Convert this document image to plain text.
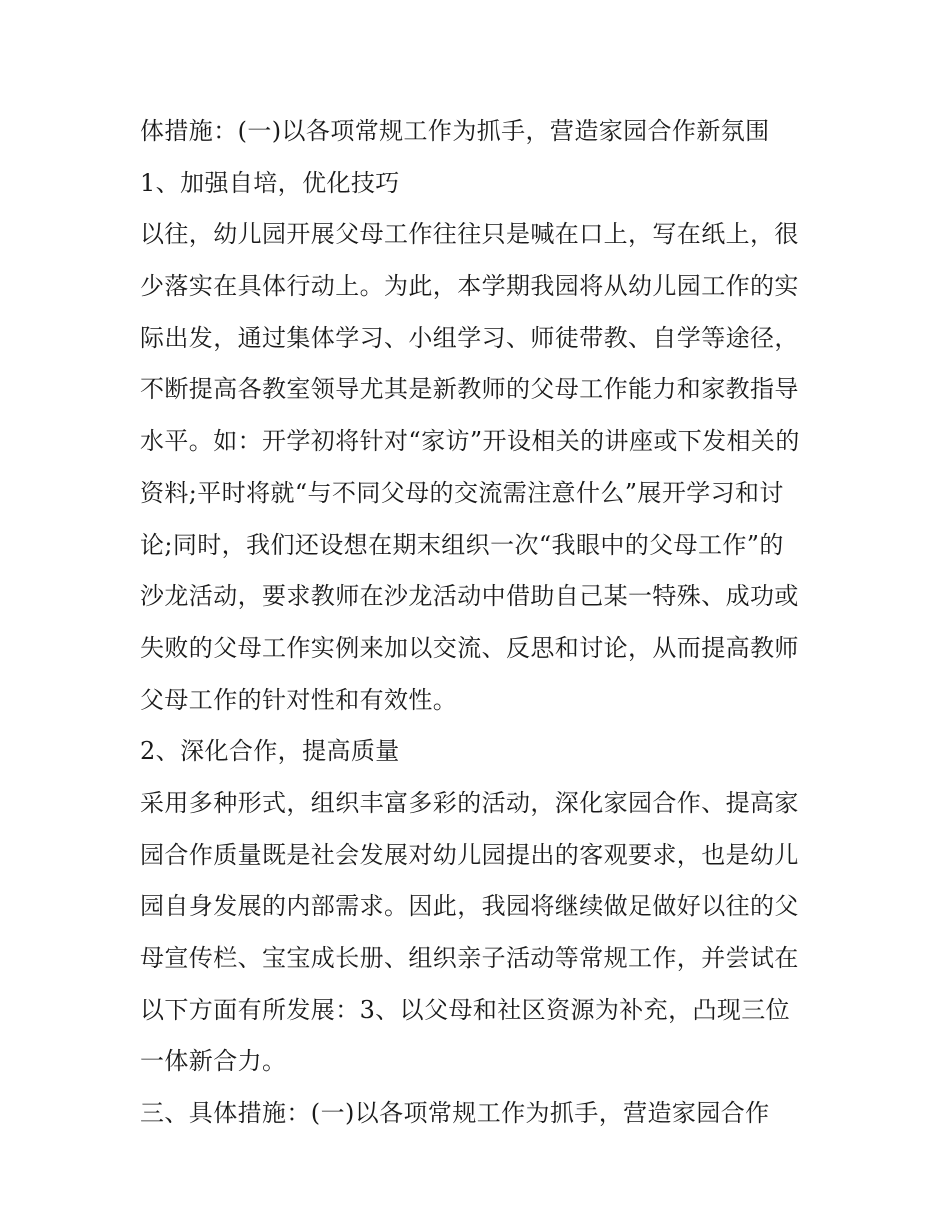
体措施：(一)以各项常规工作为抓手，营造家园合作新氛围
1、加强自培，优化技巧
以往，幼儿园开展父母工作往往只是喊在口上，写在纸上，很
少落实在具体行动上。为此，本学期我园将从幼儿园工作的实
际出发，通过集体学习、小组学习、师徒带教、自学等途径，
不断提高各教室领导尤其是新教师的父母工作能力和家教指导
水平。如：开学初将针对“家访”开设相关的讲座或下发相关的
资料;平时将就“与不同父母的交流需注意什么”展开学习和讨
论;同时，我们还设想在期末组织一次“我眼中的父母工作”的
沙龙活动，要求教师在沙龙活动中借助自己某一特殊、成功或
失败的父母工作实例来加以交流、反思和讨论，从而提高教师
父母工作的针对性和有效性。
2、深化合作，提高质量
采用多种形式，组织丰富多彩的活动，深化家园合作、提高家
园合作质量既是社会发展对幼儿园提出的客观要求，也是幼儿
园自身发展的内部需求。因此，我园将继续做足做好以往的父
母宣传栏、宝宝成长册、组织亲子活动等常规工作，并尝试在
以下方面有所发展：3、以父母和社区资源为补充，凸现三位
一体新合力。
三、具体措施：(一)以各项常规工作为抓手，营造家园合作
